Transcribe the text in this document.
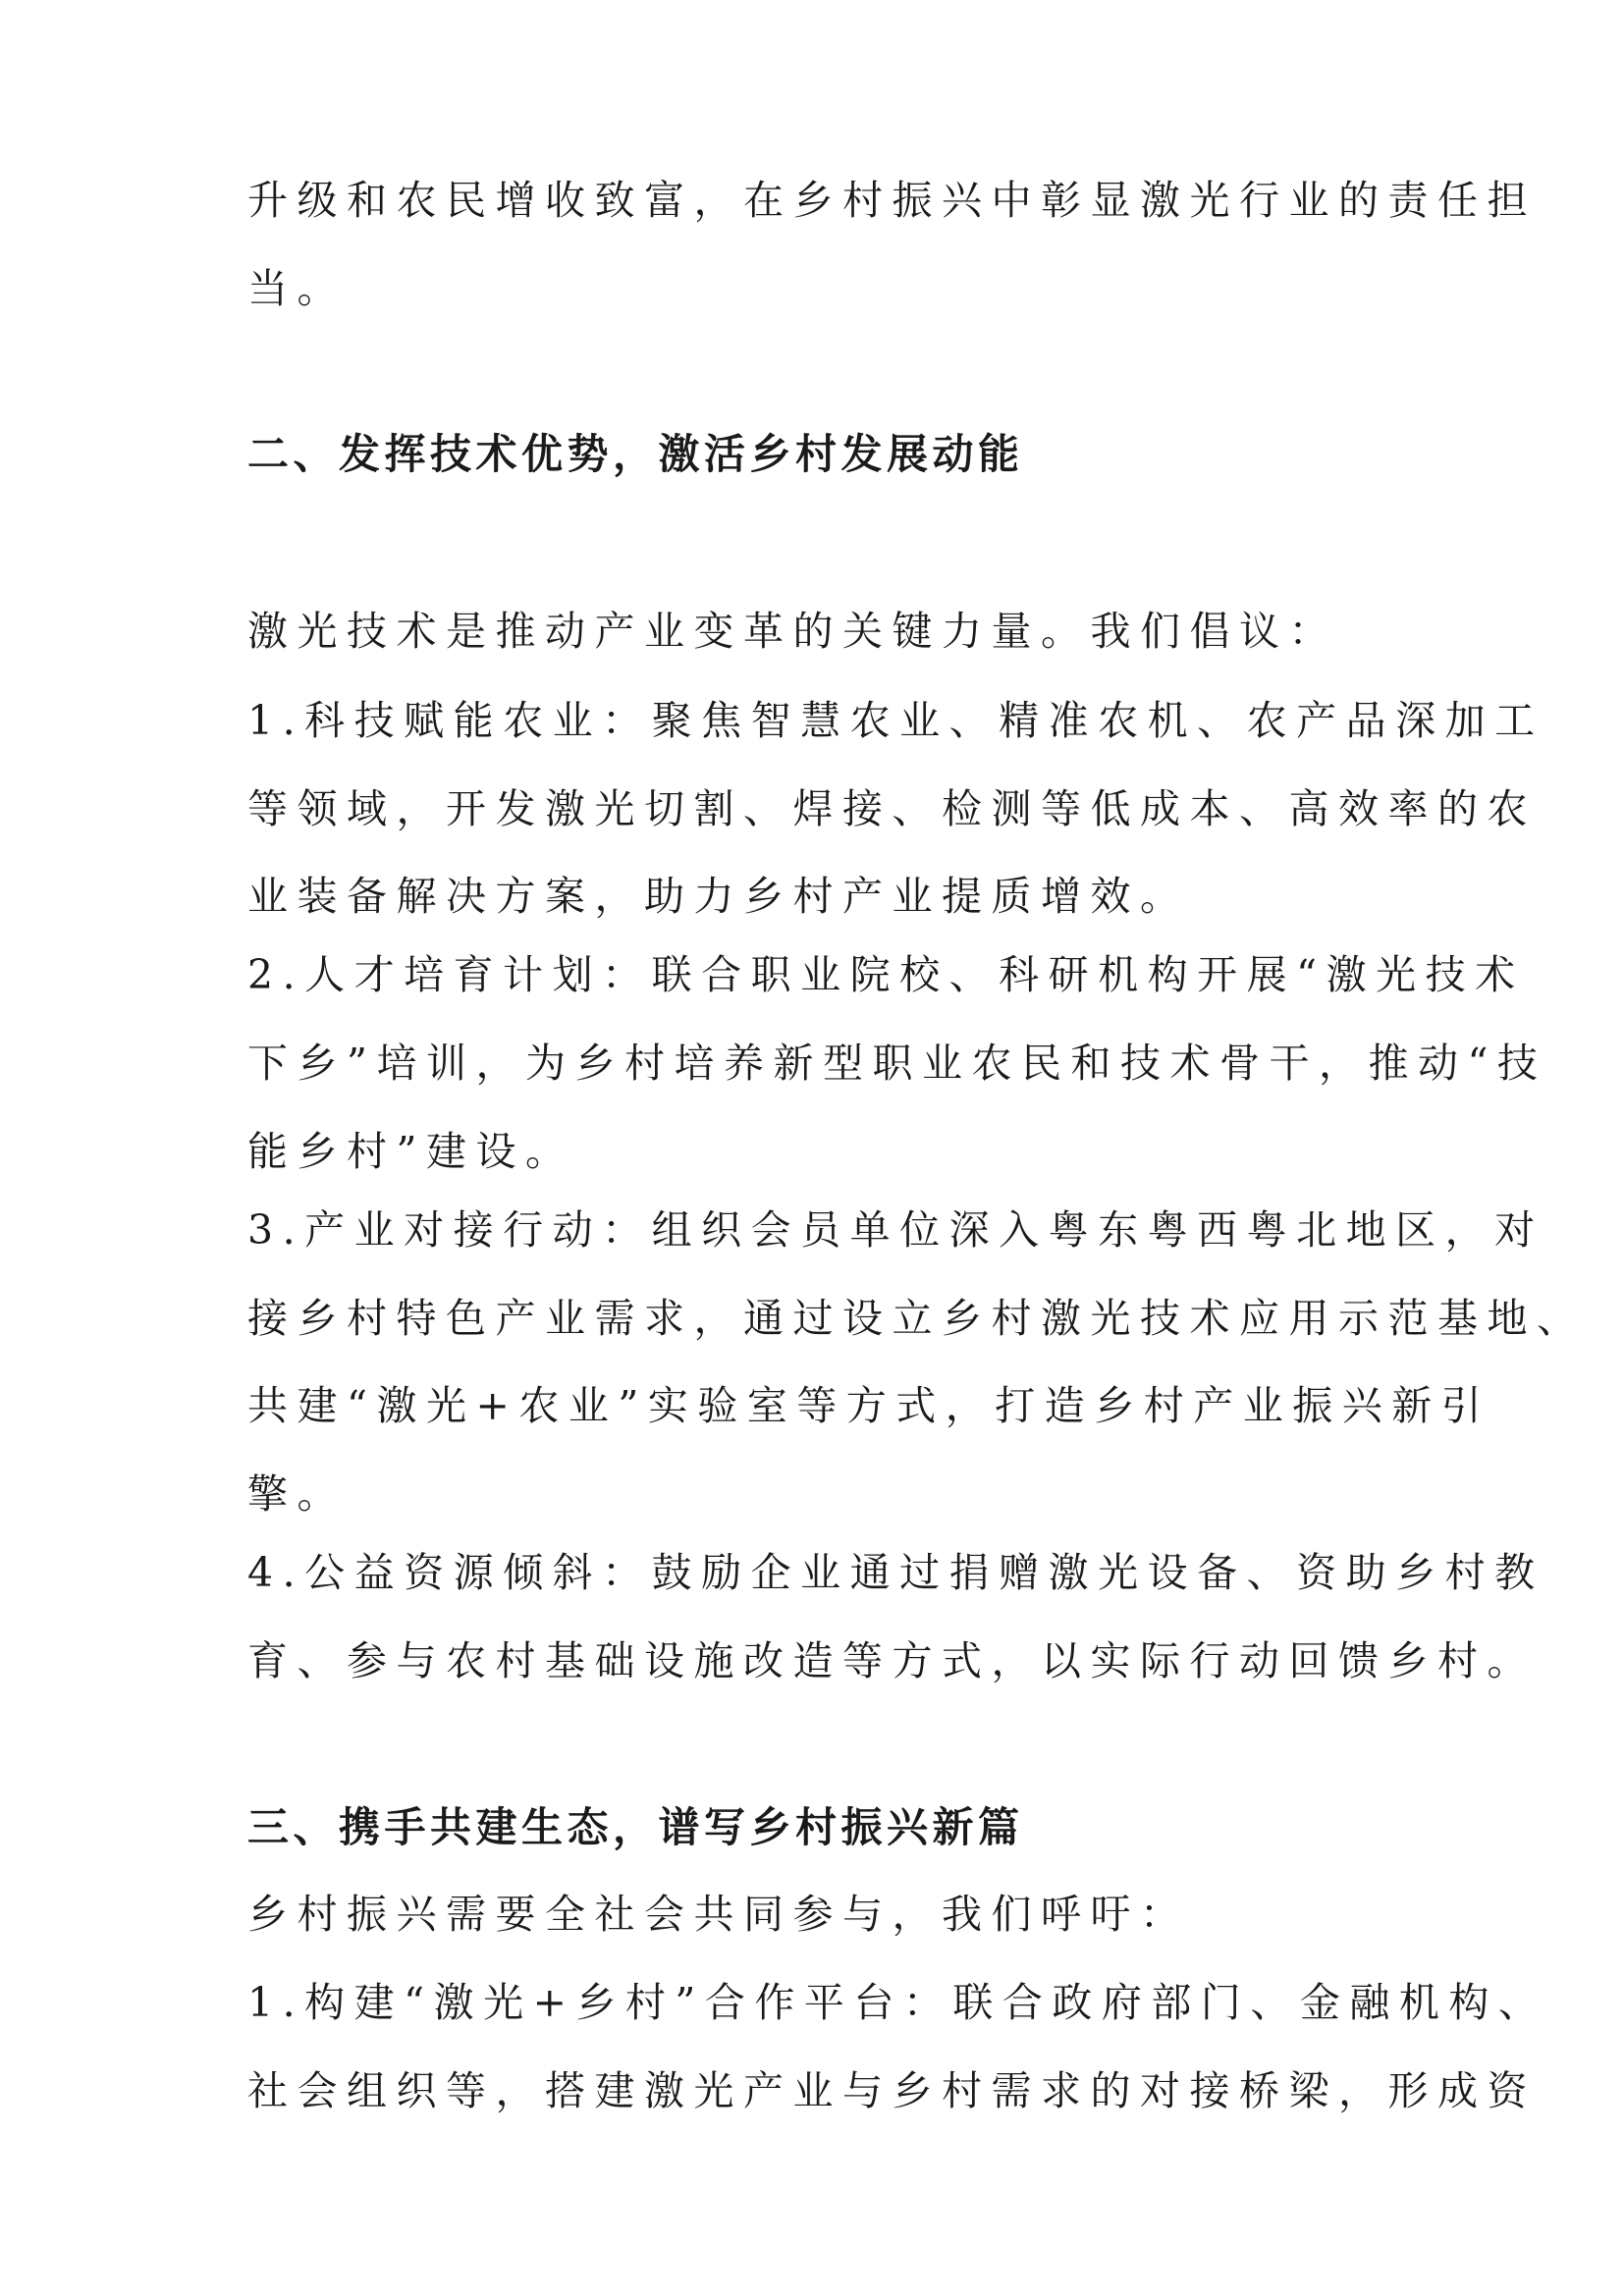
升级和农民增收致富，在乡村振兴中彰显激光行业的责任担
当。
二、发挥技术优势，激活乡村发展动能
激光技术是推动产业变革的关键力量。我们倡议：
1.科技赋能农业：聚焦智慧农业、精准农机、农产品深加工
等领域，开发激光切割、焊接、检测等低成本、高效率的农
业装备解决方案，助力乡村产业提质增效。
2.人才培育计划：联合职业院校、科研机构开展“激光技术
下乡”培训，为乡村培养新型职业农民和技术骨干，推动“技
能乡村”建设。
3.产业对接行动：组织会员单位深入粤东粤西粤北地区，对
接乡村特色产业需求，通过设立乡村激光技术应用示范基地、
共建“激光+农业”实验室等方式，打造乡村产业振兴新引
擎。
4.公益资源倾斜：鼓励企业通过捐赠激光设备、资助乡村教
育、参与农村基础设施改造等方式，以实际行动回馈乡村。
三、携手共建生态，谱写乡村振兴新篇
乡村振兴需要全社会共同参与，我们呼吁：
1.构建“激光+乡村”合作平台：联合政府部门、金融机构、
社会组织等，搭建激光产业与乡村需求的对接桥梁，形成资
